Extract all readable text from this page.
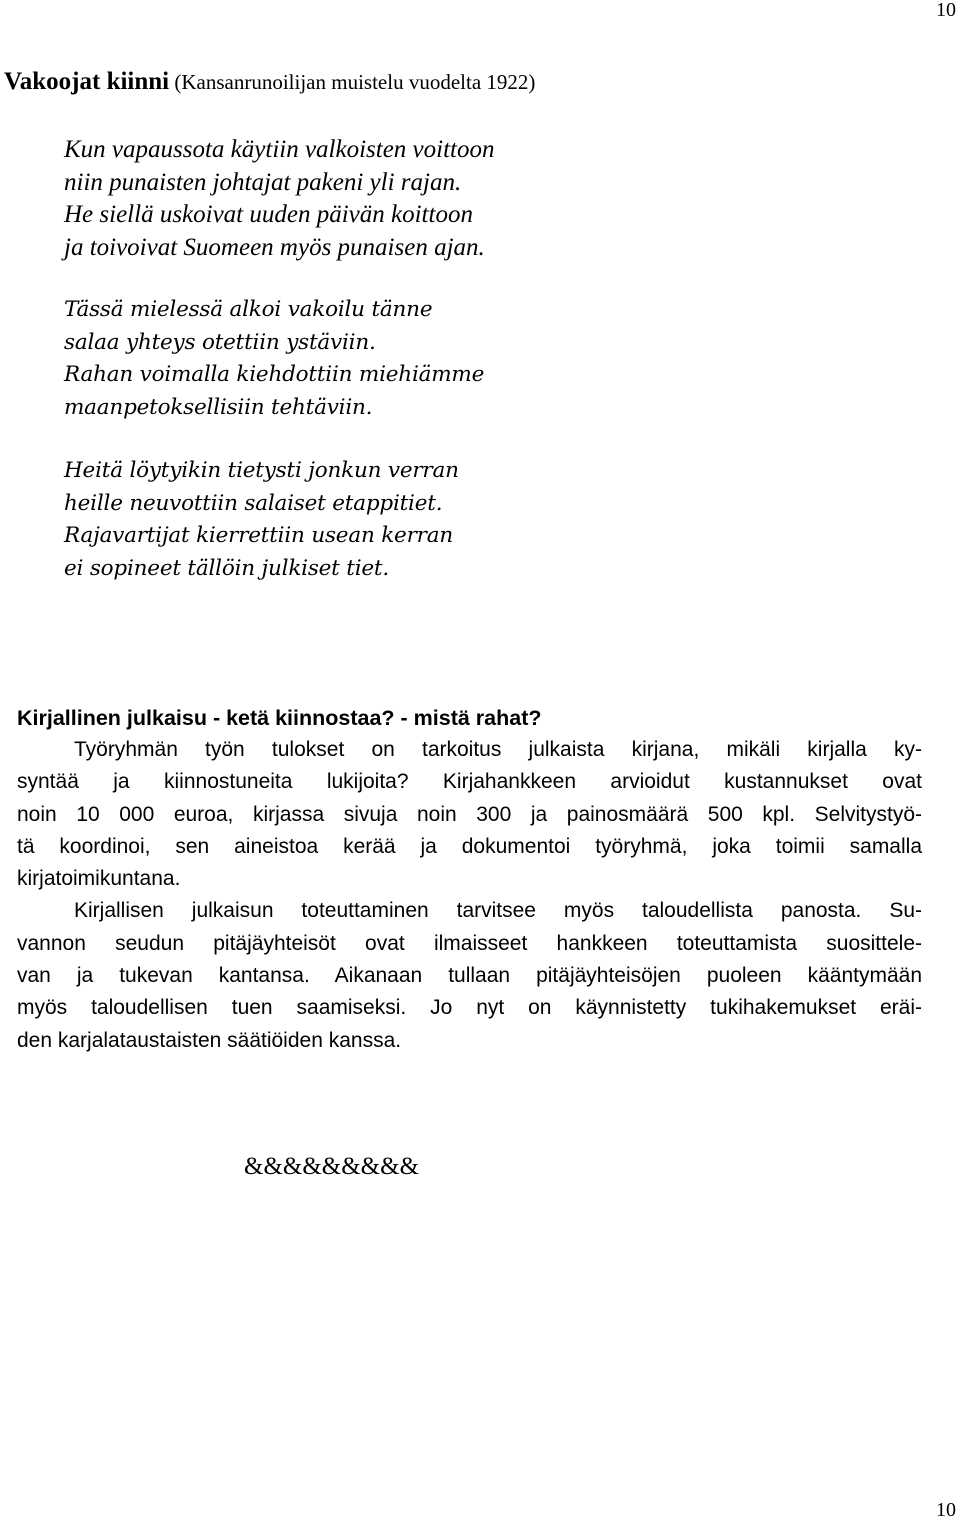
10
Vakoojat kiinni (Kansanrunoilijan muistelu vuodelta 1922)
Kun vapaussota käytiin valkoisten voittoon
niin punaisten johtajat pakeni yli rajan.
He siellä uskoivat uuden päivän koittoon
ja toivoivat Suomeen myös punaisen ajan.
Tässä mielessä alkoi vakoilu tänne
salaa yhteys otettiin ystäviin.
Rahan voimalla kiehdottiin miehiämme
maanpetoksellisiin tehtäviin.
Heitä löytyikin tietysti jonkun verran
heille neuvottiin salaiset etappitiet.
Rajavartijat kierrettiin usean kerran
ei sopineet tällöin julkiset tiet.
Kirjallinen julkaisu - ketä kiinnostaa? - mistä rahat?
Työryhmän työn tulokset on tarkoitus julkaista kirjana, mikäli kirjalla ky-
syntää ja kiinnostuneita lukijoita? Kirjahankkeen arvioidut kustannukset ovat
noin 10 000 euroa, kirjassa sivuja noin 300 ja painosmäärä 500 kpl. Selvitystyö-
tä koordinoi, sen aineistoa kerää ja dokumentoi työryhmä, joka toimii samalla
kirjatoimikuntana.
Kirjallisen julkaisun toteuttaminen tarvitsee myös taloudellista panosta. Su-
vannon seudun pitäjäyhteisöt ovat ilmaisseet hankkeen toteuttamista suosittele-
van ja tukevan kantansa. Aikanaan tullaan pitäjäyhteisöjen puoleen kääntymään
myös taloudellisen tuen saamiseksi. Jo nyt on käynnistetty tukihakemukset eräi-
den karjalataustaisten säätiöiden kanssa.
&&&&&&&&&
10
